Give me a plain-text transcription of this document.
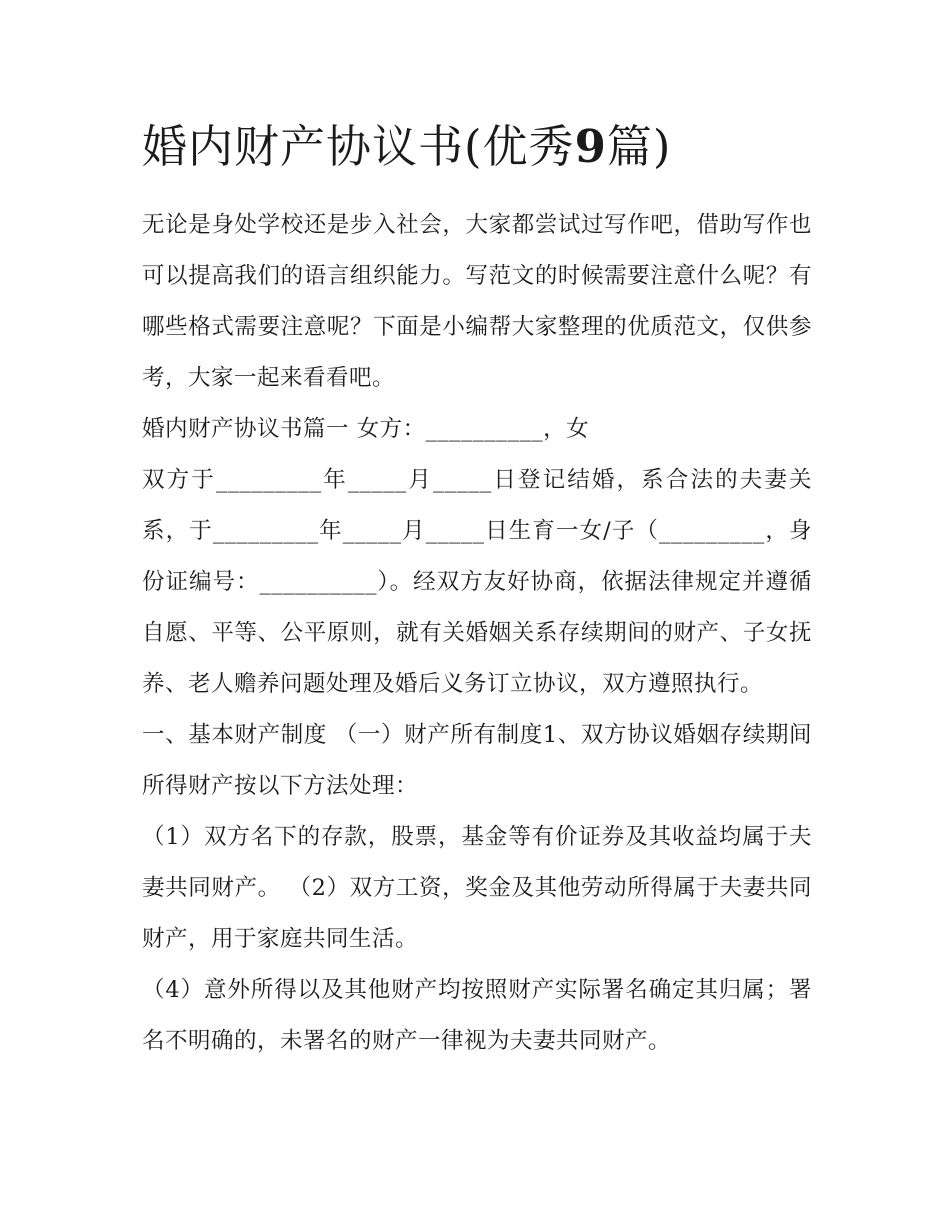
婚内财产协议书(优秀9篇)

无论是身处学校还是步入社会，大家都尝试过写作吧，借助写作也可以提高我们的语言组织能力。写范文的时候需要注意什么呢？有哪些格式需要注意呢？下面是小编帮大家整理的优质范文，仅供参考，大家一起来看看吧。

婚内财产协议书篇一 女方：__________，女

双方于_________年_____月_____日登记结婚，系合法的夫妻关系，于_________年_____月_____日生育一女/子（_________，身份证编号：__________）。经双方友好协商，依据法律规定并遵循自愿、平等、公平原则，就有关婚姻关系存续期间的财产、子女抚养、老人赡养问题处理及婚后义务订立协议，双方遵照执行。

一、基本财产制度 （一）财产所有制度1、双方协议婚姻存续期间所得财产按以下方法处理：

（1）双方名下的存款，股票，基金等有价证券及其收益均属于夫妻共同财产。 （2）双方工资，奖金及其他劳动所得属于夫妻共同财产，用于家庭共同生活。

（4）意外所得以及其他财产均按照财产实际署名确定其归属；署名不明确的，未署名的财产一律视为夫妻共同财产。
